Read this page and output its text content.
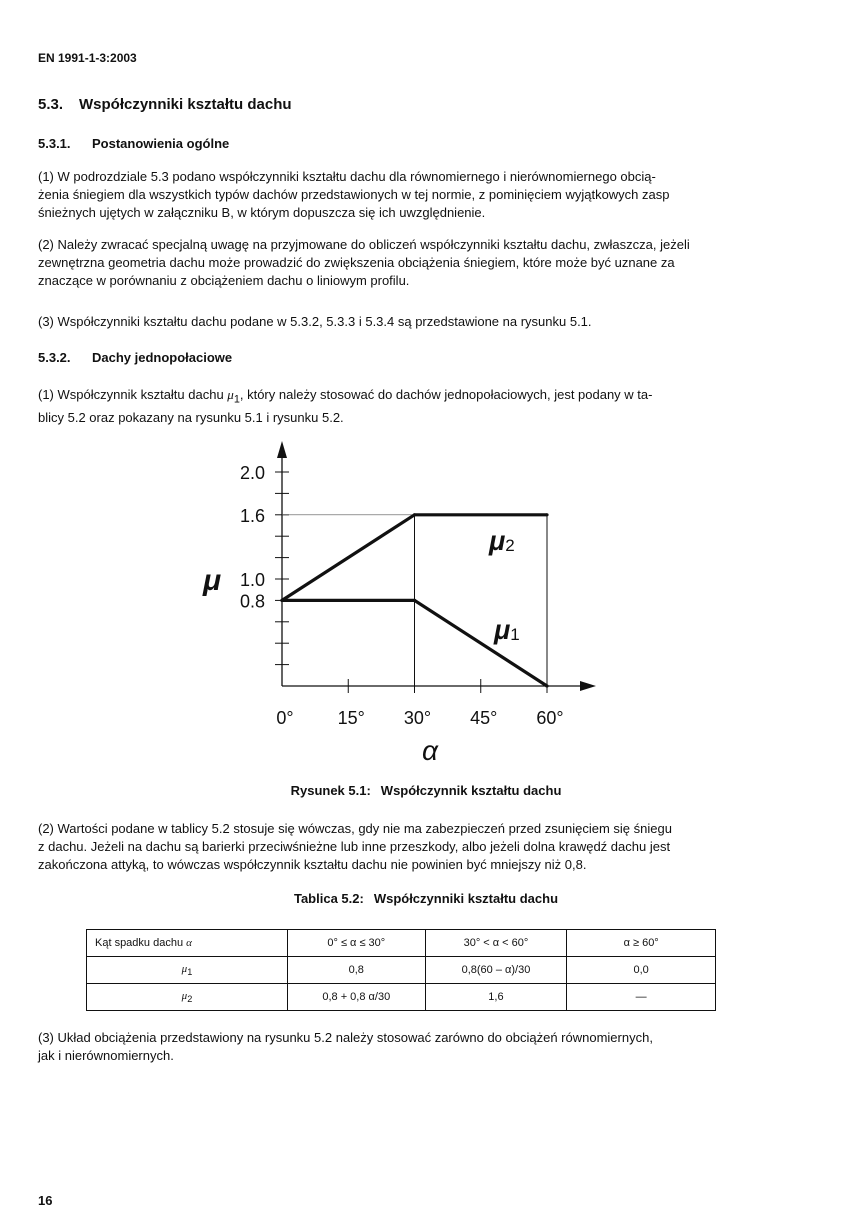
EN 1991-1-3:2003
5.3. Współczynniki kształtu dachu
5.3.1. Postanowienia ogólne
(1) W podrozdziale 5.3 podano współczynniki kształtu dachu dla równomiernego i nierównomiernego obcią-
żenia śniegiem dla wszystkich typów dachów przedstawionych w tej normie, z pominięciem wyjątkowych zasp
śnieżnych ujętych w załączniku B, w którym dopuszcza się ich uwzględnienie.
(2) Należy zwracać specjalną uwagę na przyjmowane do obliczeń współczynniki kształtu dachu, zwłaszcza, jeżeli
zewnętrzna geometria dachu może prowadzić do zwiększenia obciążenia śniegiem, które może być uznane za
znaczące w porównaniu z obciążeniem dachu o liniowym profilu.
(3) Współczynniki kształtu dachu podane w 5.3.2, 5.3.3 i 5.3.4 są przedstawione na rysunku 5.1.
5.3.2. Dachy jednopołaciowe
(1) Współczynnik kształtu dachu $\mu_1$, który należy stosować do dachów jednopołaciowych, jest podany w ta-
blicy 5.2 oraz pokazany na rysunku 5.1 i rysunku 5.2.
2.0
1.6
1.0
0.8
0° 15° 30° 45° 60°
μ
α
μ2
μ1
Rysunek 5.1: Współczynnik kształtu dachu
(2) Wartości podane w tablicy 5.2 stosuje się wówczas, gdy nie ma zabezpieczeń przed zsunięciem się śniegu
z dachu. Jeżeli na dachu są barierki przeciwśnieżne lub inne przeszkody, albo jeżeli dolna krawędź dachu jest
zakończona attyką, to wówczas współczynnik kształtu dachu nie powinien być mniejszy niż 0,8.
Tablica 5.2: Współczynniki kształtu dachu
Kąt spadku dachu α	0° ≤ α ≤ 30°	30° < α < 60°	α ≥ 60°
$\mu_1$	0,8	0,8(60 – α)/30	0,0
$\mu_2$	0,8 + 0,8 α/30	1,6	—
(3) Układ obciążenia przedstawiony na rysunku 5.2 należy stosować zarówno do obciążeń równomiernych,
jak i nierównomiernych.
16
